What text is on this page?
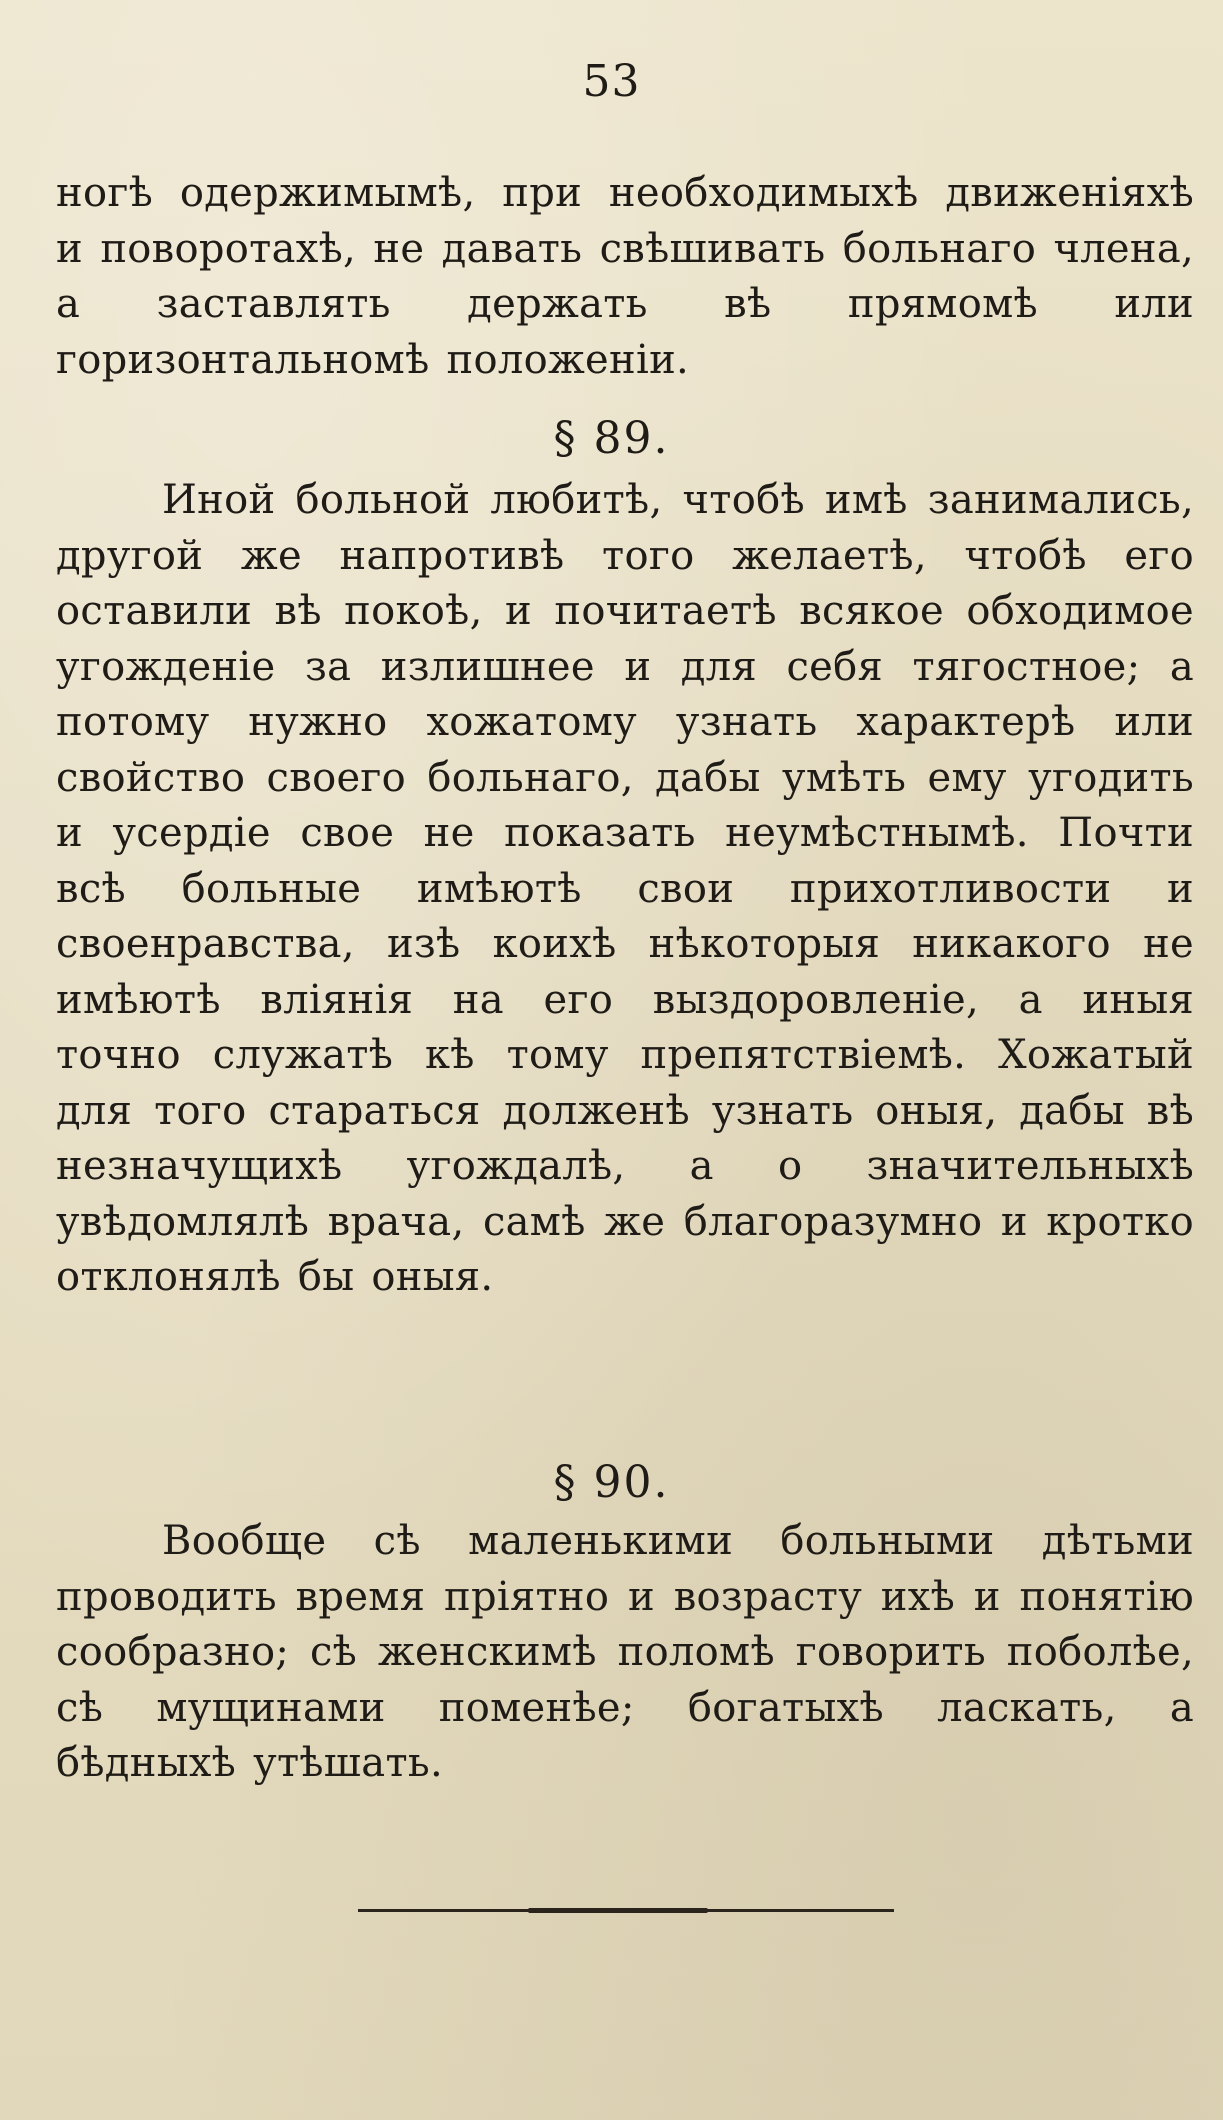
53

ногѣ одержимымѣ, при необходимыхѣ движенiяхѣ и поворотахѣ, не давать свѣшивать больнаго члена, а заставлять держать вѣ прямомѣ или горизонтальномѣ положенiи.

§ 89.

Иной больной любитѣ, чтобѣ имѣ занимались, другой же напротивѣ того желаетѣ, чтобѣ его оставили вѣ покоѣ, и почитаетѣ всякое обходимое угожденiе за излишнее и для себя тягостное; а потому нужно хожатому узнать характерѣ или свойство своего больнаго, дабы умѣть ему угодить и усердiе свое не показать неумѣстнымѣ. Почти всѣ больные имѣютѣ свои прихотливости и своенравства, изѣ коихѣ нѣкоторыя никакого не имѣютѣ влiянiя на его выздоровленiе, а иныя точно служатѣ кѣ тому препятствiемѣ. Хожатый для того стараться долженѣ узнать оныя, дабы вѣ незначущихѣ угождалѣ, а о значительныхѣ увѣдомлялѣ врача, самѣ же благоразумно и кротко отклонялѣ бы оныя.

§ 90.

Вообще сѣ маленькими больными дѣтьми проводить время прiятно и возрасту ихѣ и понятiю сообразно; сѣ женскимѣ поломѣ говорить поболѣе, сѣ мущинами поменѣе; богатыхѣ ласкать, а бѣдныхѣ утѣшать.
